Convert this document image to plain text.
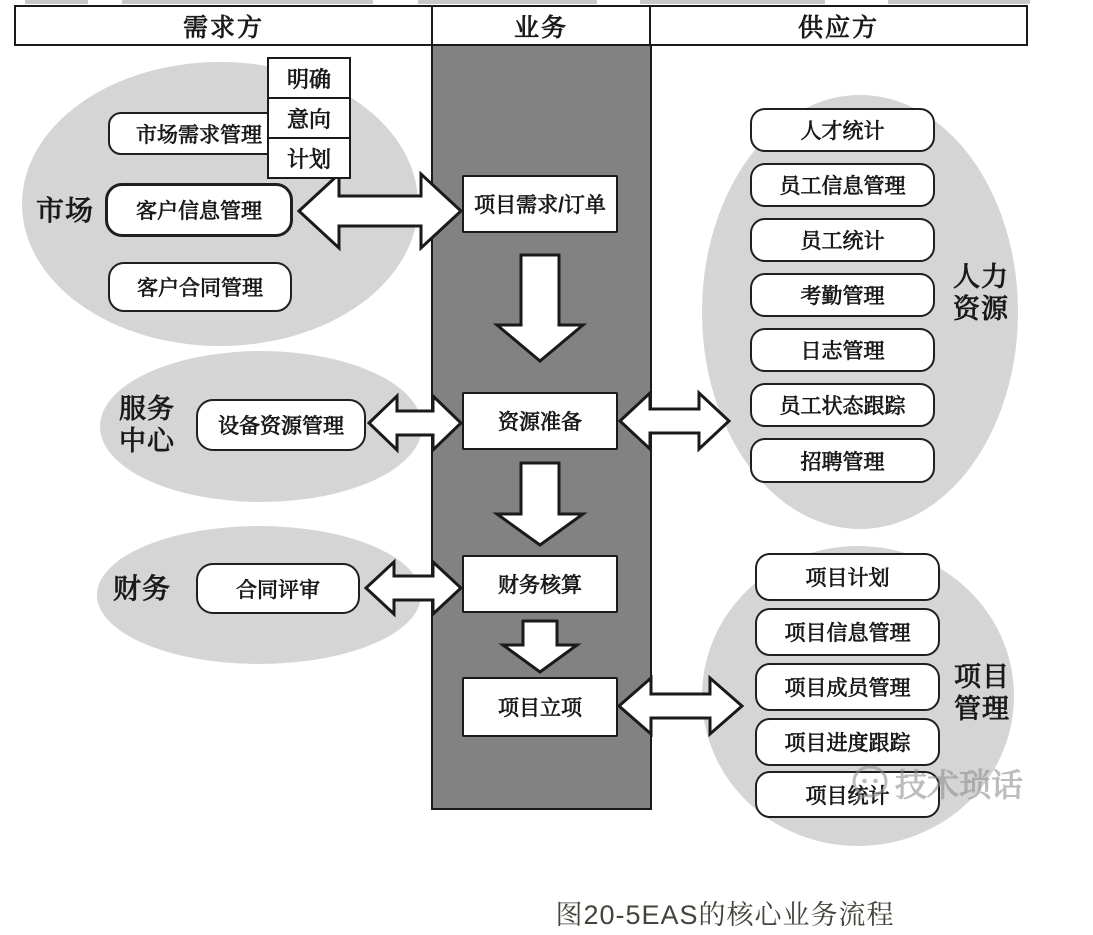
需求方	业务	供应方
市场
市场需求管理
客户信息管理
客户合同管理
明确
意向
计划
服务中心 设备资源管理
财务	合同评审
项目需求/订单
资源准备
财务核算
项目立项
人力资源
人才统计
员工信息管理
员工统计
考勤管理
日志管理
员工状态跟踪
招聘管理
项目管理
项目计划
项目信息管理
项目成员管理
项目进度跟踪
项目统计 技术琐话
图20-5EAS的核心业务流程
